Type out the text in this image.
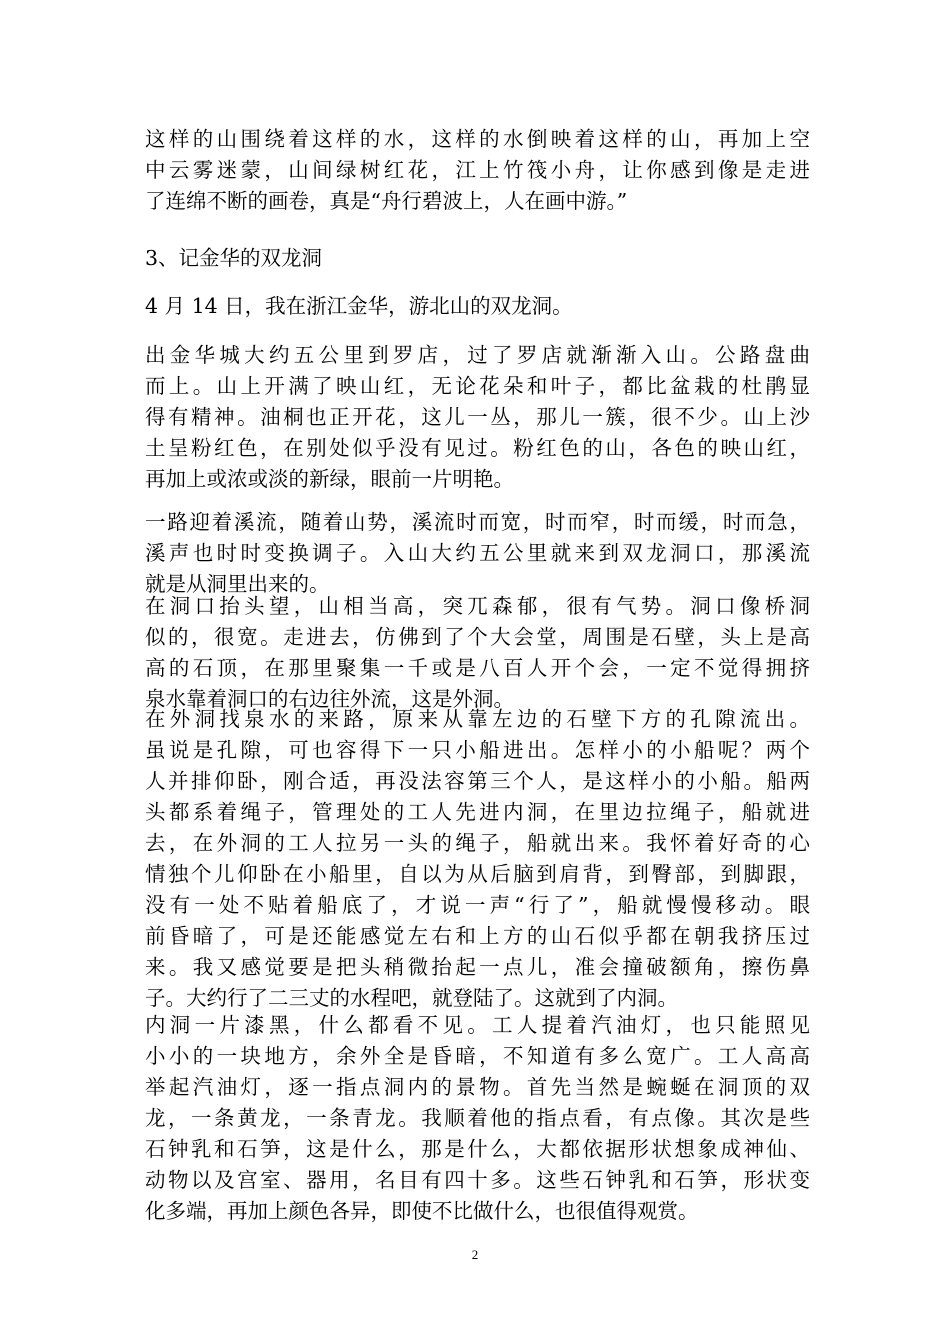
这样的山围绕着这样的水，这样的水倒映着这样的山，再加上空
中云雾迷蒙，山间绿树红花，江上竹筏小舟，让你感到像是走进
了连绵不断的画卷，真是“舟行碧波上，人在画中游。”
3、记金华的双龙洞
4 月 14 日，我在浙江金华，游北山的双龙洞。
出金华城大约五公里到罗店，过了罗店就渐渐入山。公路盘曲
而上。山上开满了映山红，无论花朵和叶子，都比盆栽的杜鹃显
得有精神。油桐也正开花，这儿一丛，那儿一簇，很不少。山上沙
土呈粉红色，在别处似乎没有见过。粉红色的山，各色的映山红，
再加上或浓或淡的新绿，眼前一片明艳。
一路迎着溪流，随着山势，溪流时而宽，时而窄，时而缓，时而急，
溪声也时时变换调子。入山大约五公里就来到双龙洞口，那溪流
就是从洞里出来的。
在洞口抬头望，山相当高，突兀森郁，很有气势。洞口像桥洞
似的，很宽。走进去，仿佛到了个大会堂，周围是石壁，头上是高
高的石顶，在那里聚集一千或是八百人开个会，一定不觉得拥挤
泉水靠着洞口的右边往外流，这是外洞。
在外洞找泉水的来路，原来从靠左边的石壁下方的孔隙流出。
虽说是孔隙，可也容得下一只小船进出。怎样小的小船呢？两个
人并排仰卧，刚合适，再没法容第三个人，是这样小的小船。船两
头都系着绳子，管理处的工人先进内洞，在里边拉绳子，船就进
去，在外洞的工人拉另一头的绳子，船就出来。我怀着好奇的心
情独个儿仰卧在小船里，自以为从后脑到肩背，到臀部，到脚跟，
没有一处不贴着船底了，才说一声“行了”，船就慢慢移动。眼
前昏暗了，可是还能感觉左右和上方的山石似乎都在朝我挤压过
来。我又感觉要是把头稍微抬起一点儿，准会撞破额角，擦伤鼻
子。大约行了二三丈的水程吧，就登陆了。这就到了内洞。
内洞一片漆黑，什么都看不见。工人提着汽油灯，也只能照见
小小的一块地方，余外全是昏暗，不知道有多么宽广。工人高高
举起汽油灯，逐一指点洞内的景物。首先当然是蜿蜒在洞顶的双
龙，一条黄龙，一条青龙。我顺着他的指点看，有点像。其次是些
石钟乳和石笋，这是什么，那是什么，大都依据形状想象成神仙、
动物以及宫室、器用，名目有四十多。这些石钟乳和石笋，形状变
化多端，再加上颜色各异，即使不比做什么，也很值得观赏。
2
